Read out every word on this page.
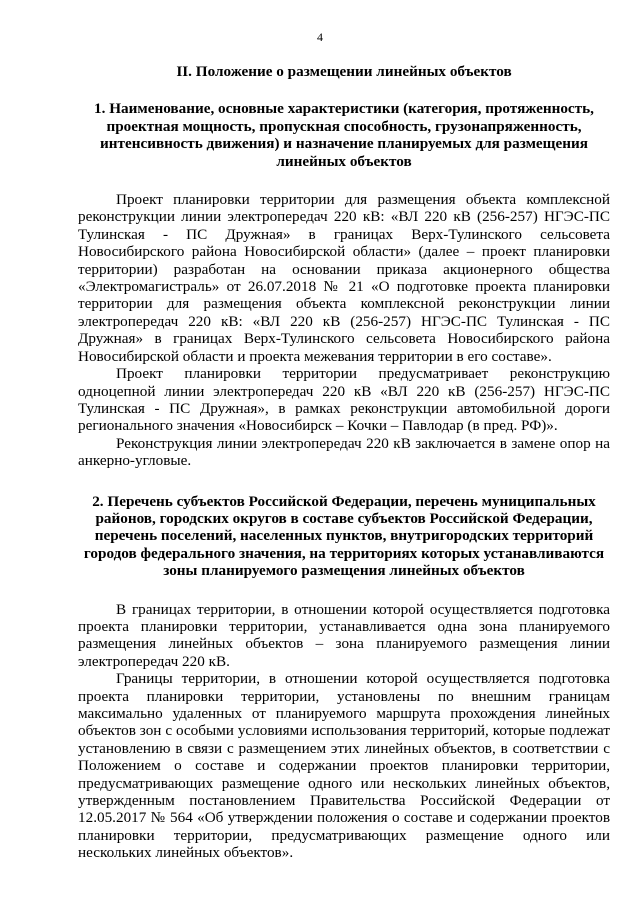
4

II. Положение о размещении линейных объектов

1. Наименование, основные характеристики (категория, протяженность, проектная мощность, пропускная способность, грузонапряженность, интенсивность движения) и назначение планируемых для размещения линейных объектов

Проект планировки территории для размещения объекта комплексной реконструкции линии электропередач 220 кВ: «ВЛ 220 кВ (256-257) НГЭС-ПС Тулинская - ПС Дружная» в границах Верх-Тулинского сельсовета Новосибирского района Новосибирской области» (далее – проект планировки территории) разработан на основании приказа акционерного общества «Электромагистраль» от 26.07.2018 № 21 «О подготовке проекта планировки территории для размещения объекта комплексной реконструкции линии электропередач 220 кВ: «ВЛ 220 кВ (256-257) НГЭС-ПС Тулинская - ПС Дружная» в границах Верх-Тулинского сельсовета Новосибирского района Новосибирской области и проекта межевания территории в его составе».

Проект планировки территории предусматривает реконструкцию одноцепной линии электропередач 220 кВ «ВЛ 220 кВ (256-257) НГЭС-ПС Тулинская - ПС Дружная», в рамках реконструкции автомобильной дороги регионального значения «Новосибирск – Кочки – Павлодар (в пред. РФ)».

Реконструкция линии электропередач 220 кВ заключается в замене опор на анкерно-угловые.

2. Перечень субъектов Российской Федерации, перечень муниципальных районов, городских округов в составе субъектов Российской Федерации, перечень поселений, населенных пунктов, внутригородских территорий городов федерального значения, на территориях которых устанавливаются зоны планируемого размещения линейных объектов

В границах территории, в отношении которой осуществляется подготовка проекта планировки территории, устанавливается одна зона планируемого размещения линейных объектов – зона планируемого размещения линии электропередач 220 кВ.

Границы территории, в отношении которой осуществляется подготовка проекта планировки территории, установлены по внешним границам максимально удаленных от планируемого маршрута прохождения линейных объектов зон с особыми условиями использования территорий, которые подлежат установлению в связи с размещением этих линейных объектов, в соответствии с Положением о составе и содержании проектов планировки территории, предусматривающих размещение одного или нескольких линейных объектов, утвержденным постановлением Правительства Российской Федерации от 12.05.2017 № 564 «Об утверждении положения о составе и содержании проектов планировки территории, предусматривающих размещение одного или нескольких линейных объектов».
